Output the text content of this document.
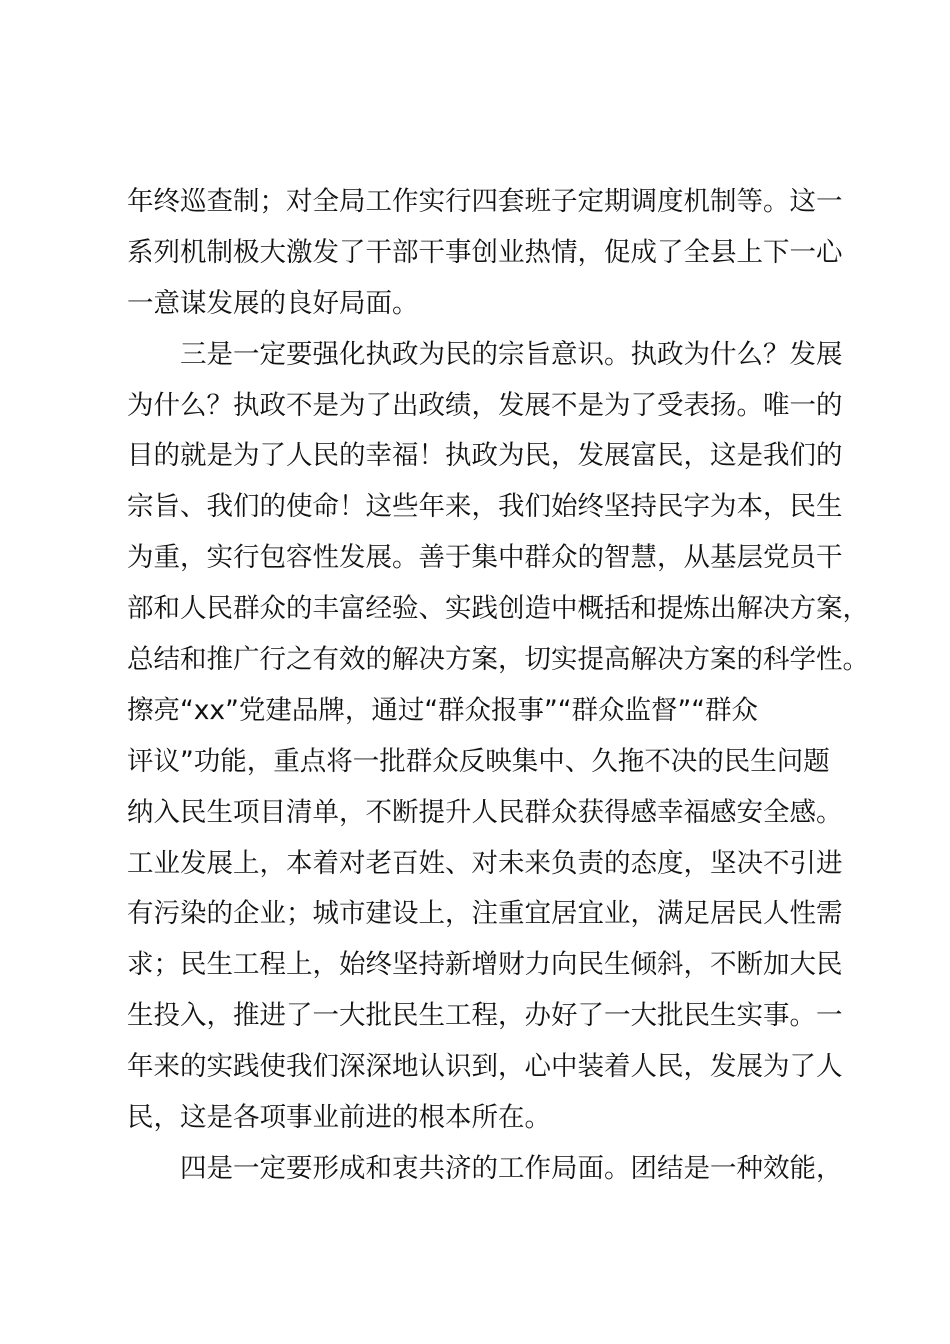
年终巡查制；对全局工作实行四套班子定期调度机制等。这一

系列机制极大激发了干部干事创业热情，促成了全县上下一心

一意谋发展的良好局面。

三是一定要强化执政为民的宗旨意识。执政为什么？发展

为什么？执政不是为了出政绩，发展不是为了受表扬。唯一的

目的就是为了人民的幸福！执政为民，发展富民，这是我们的

宗旨、我们的使命！这些年来，我们始终坚持民字为本，民生

为重，实行包容性发展。善于集中群众的智慧，从基层党员干

部和人民群众的丰富经验、实践创造中概括和提炼出解决方案，

总结和推广行之有效的解决方案，切实提高解决方案的科学性。

擦亮“xx”党建品牌，通过“群众报事”“群众监督”“群众

评议”功能，重点将一批群众反映集中、久拖不决的民生问题

纳入民生项目清单，不断提升人民群众获得感幸福感安全感。

工业发展上，本着对老百姓、对未来负责的态度，坚决不引进

有污染的企业；城市建设上，注重宜居宜业，满足居民人性需

求；民生工程上，始终坚持新增财力向民生倾斜，不断加大民

生投入，推进了一大批民生工程，办好了一大批民生实事。一

年来的实践使我们深深地认识到，心中装着人民，发展为了人

民，这是各项事业前进的根本所在。

四是一定要形成和衷共济的工作局面。团结是一种效能，
